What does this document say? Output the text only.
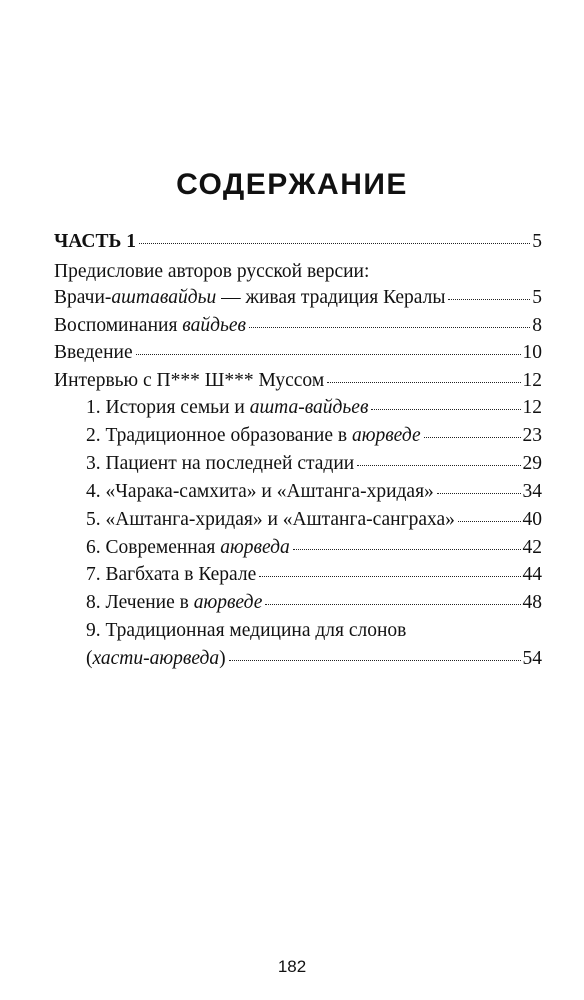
СОДЕРЖАНИЕ
ЧАСТЬ 1	5
Предисловие авторов русской версии:
Врачи-аштавайдьи — живая традиция Кералы	5
Воспоминания вайдьев	8
Введение	10
Интервью с П*** Ш*** Муссом	12
1. История семьи и ашта-вайдьев	12
2. Традиционное образование в аюрведе	23
3. Пациент на последней стадии	29
4. «Чарака-самхита» и «Аштанга-хридая»	34
5. «Аштанга-хридая» и «Аштанга-санграха»	40
6. Современная аюрведа	42
7. Вагбхата в Керале	44
8. Лечение в аюрведе	48
9. Традиционная медицина для слонов
(хасти-аюрведа)	54
182
